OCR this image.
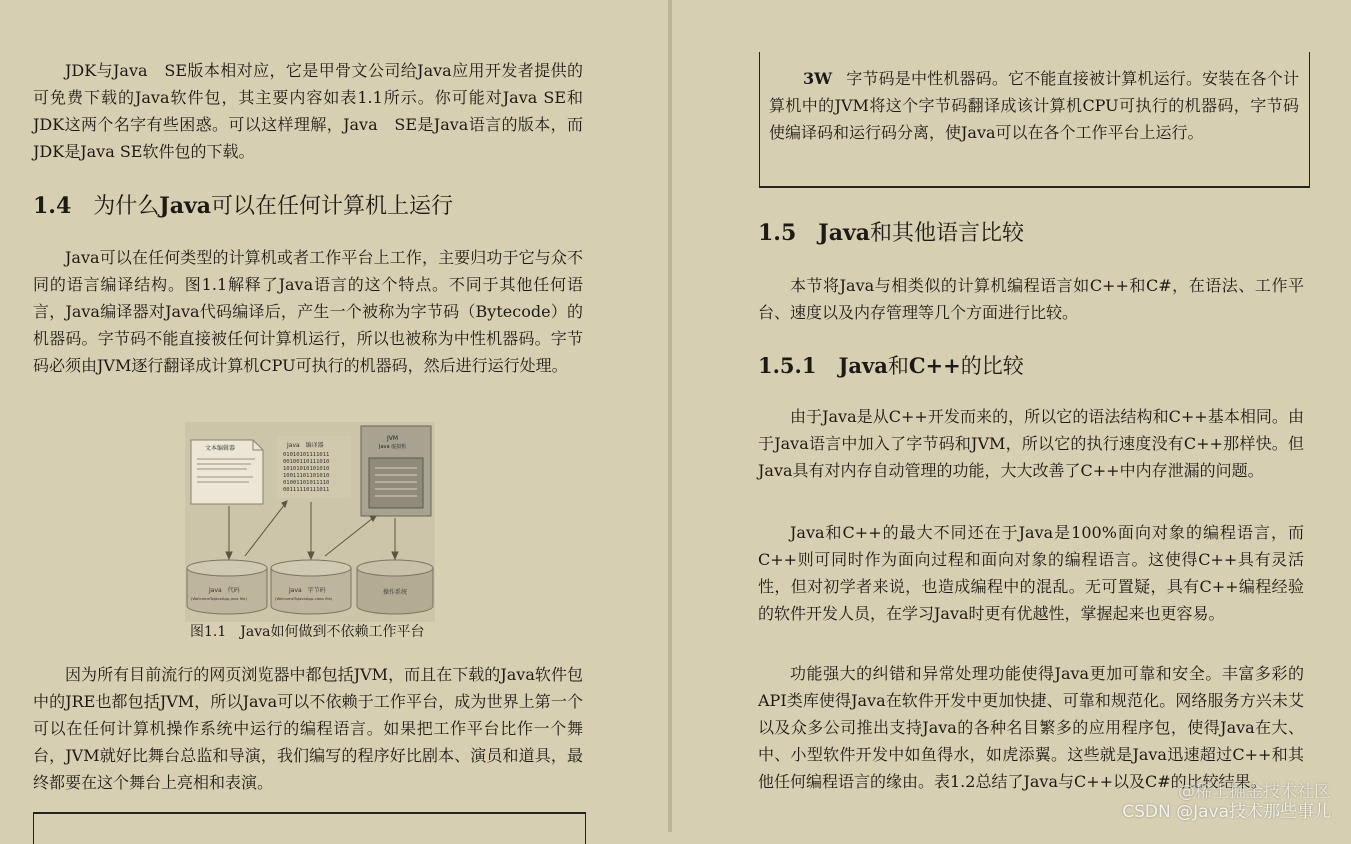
JDK与Java　SE版本相对应，它是甲骨文公司给Java应用开发者提供的可免费下载的Java软件包，其主要内容如表1.1所示。你可能对Java SE和JDK这两个名字有些困惑。可以这样理解，Java　SE是Java语言的版本，而JDK是Java SE软件包的下载。

1.4 为什么Java可以在任何计算机上运行

Java可以在任何类型的计算机或者工作平台上工作，主要归功于它与众不同的语言编译结构。图1.1解释了Java语言的这个特点。不同于其他任何语言，Java编译器对Java代码编译后，产生一个被称为字节码（Bytecode）的机器码。字节码不能直接被任何计算机运行，所以也被称为中性机器码。字节码必须由JVM逐行翻译成计算机CPU可执行的机器码，然后进行运行处理。

文本编辑器	Java　编译器
01010101111011
00100110111010
10101010101010
10011101101010
01001101011110
00111110111011
JVM
Java 虚拟机
Java　代码
(WelcomeToJavaApp.java file)
Java　字节码
(WelcomeToJavaApp.class file)
操作系统
图1.1 Java如何做到不依赖工作平台

因为所有目前流行的网页浏览器中都包括JVM，而且在下载的Java软件包中的JRE也都包括JVM，所以Java可以不依赖于工作平台，成为世界上第一个可以在任何计算机操作系统中运行的编程语言。如果把工作平台比作一个舞台，JVM就好比舞台总监和导演，我们编写的程序好比剧本、演员和道具，最终都要在这个舞台上亮相和表演。

3W 字节码是中性机器码。它不能直接被计算机运行。安装在各个计算机中的JVM将这个字节码翻译成该计算机CPU可执行的机器码，字节码使编译码和运行码分离，使Java可以在各个工作平台上运行。

1.5 Java和其他语言比较

本节将Java与相类似的计算机编程语言如C++和C#，在语法、工作平台、速度以及内存管理等几个方面进行比较。

1.5.1 Java和C++的比较

由于Java是从C++开发而来的，所以它的语法结构和C++基本相同。由于Java语言中加入了字节码和JVM，所以它的执行速度没有C++那样快。但Java具有对内存自动管理的功能，大大改善了C++中内存泄漏的问题。

Java和C++的最大不同还在于Java是100%面向对象的编程语言，而C++则可同时作为面向过程和面向对象的编程语言。这使得C++具有灵活性，但对初学者来说，也造成编程中的混乱。无可置疑，具有C++编程经验的软件开发人员，在学习Java时更有优越性，掌握起来也更容易。

功能强大的纠错和异常处理功能使得Java更加可靠和安全。丰富多彩的API类库使得Java在软件开发中更加快捷、可靠和规范化。网络服务方兴未艾以及众多公司推出支持Java的各种名目繁多的应用程序包，使得Java在大、中、小型软件开发中如鱼得水，如虎添翼。这些就是Java迅速超过C++和其他任何编程语言的缘由。表1.2总结了Java与C++以及C#的比较结果。

@稀土掘金技术社区
CSDN @Java技术那些事儿
